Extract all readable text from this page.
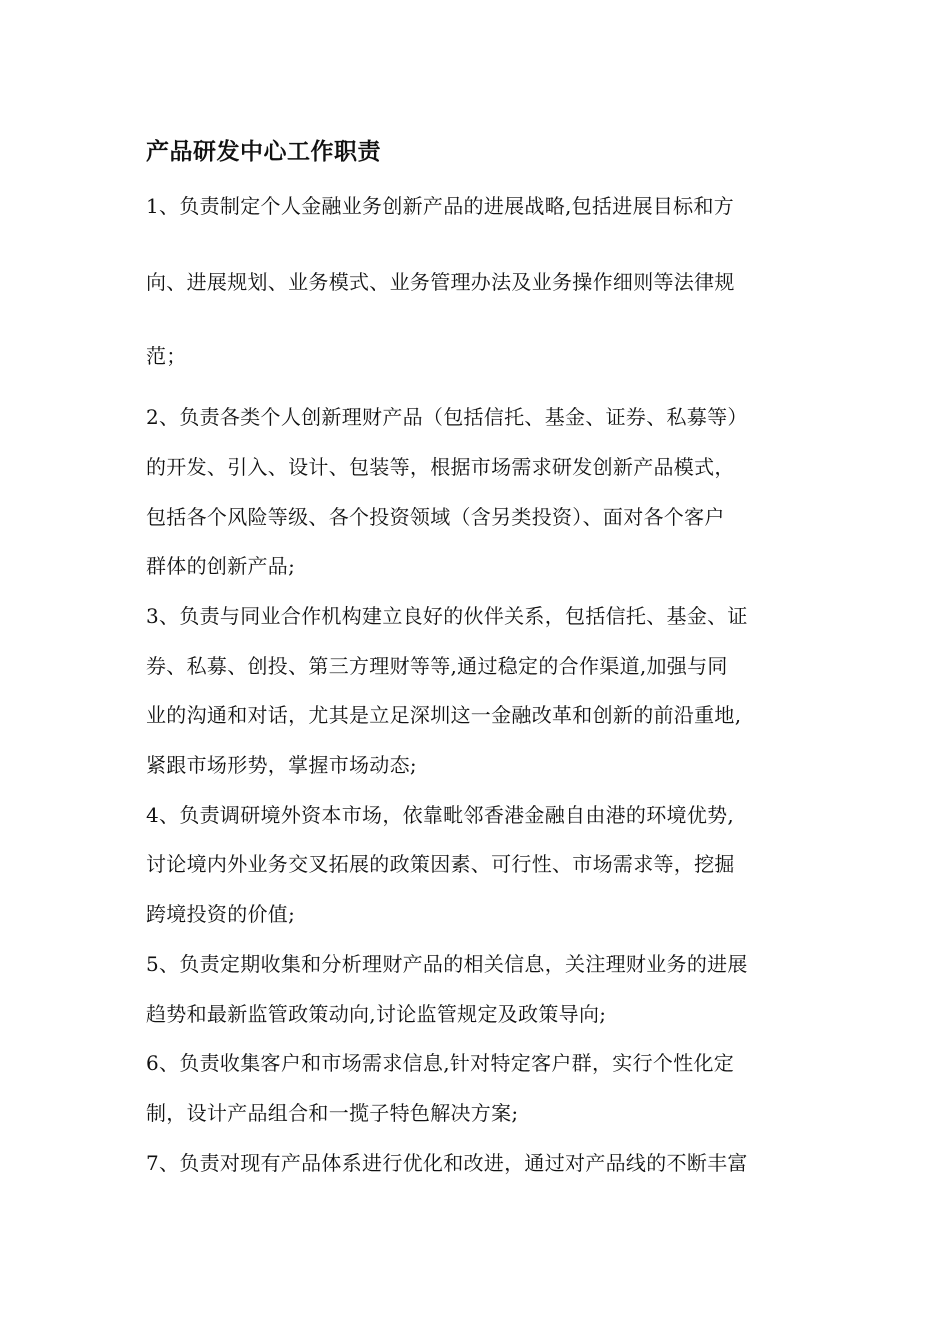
产品研发中心工作职责
1、负责制定个人金融业务创新产品的进展战略,包括进展目标和方
向、进展规划、业务模式、业务管理办法及业务操作细则等法律规
范；
2、负责各类个人创新理财产品（包括信托、基金、证券、私募等）
的开发、引入、设计、包装等，根据市场需求研发创新产品模式，
包括各个风险等级、各个投资领域（含另类投资）、面对各个客户
群体的创新产品;
3、负责与同业合作机构建立良好的伙伴关系，包括信托、基金、证
券、私募、创投、第三方理财等等,通过稳定的合作渠道,加强与同
业的沟通和对话，尤其是立足深圳这一金融改革和创新的前沿重地,
紧跟市场形势，掌握市场动态;
4、负责调研境外资本市场，依靠毗邻香港金融自由港的环境优势,
讨论境内外业务交叉拓展的政策因素、可行性、市场需求等，挖掘
跨境投资的价值;
5、负责定期收集和分析理财产品的相关信息，关注理财业务的进展
趋势和最新监管政策动向,讨论监管规定及政策导向;
6、负责收集客户和市场需求信息,针对特定客户群，实行个性化定
制，设计产品组合和一揽子特色解决方案;
7、负责对现有产品体系进行优化和改进，通过对产品线的不断丰富
